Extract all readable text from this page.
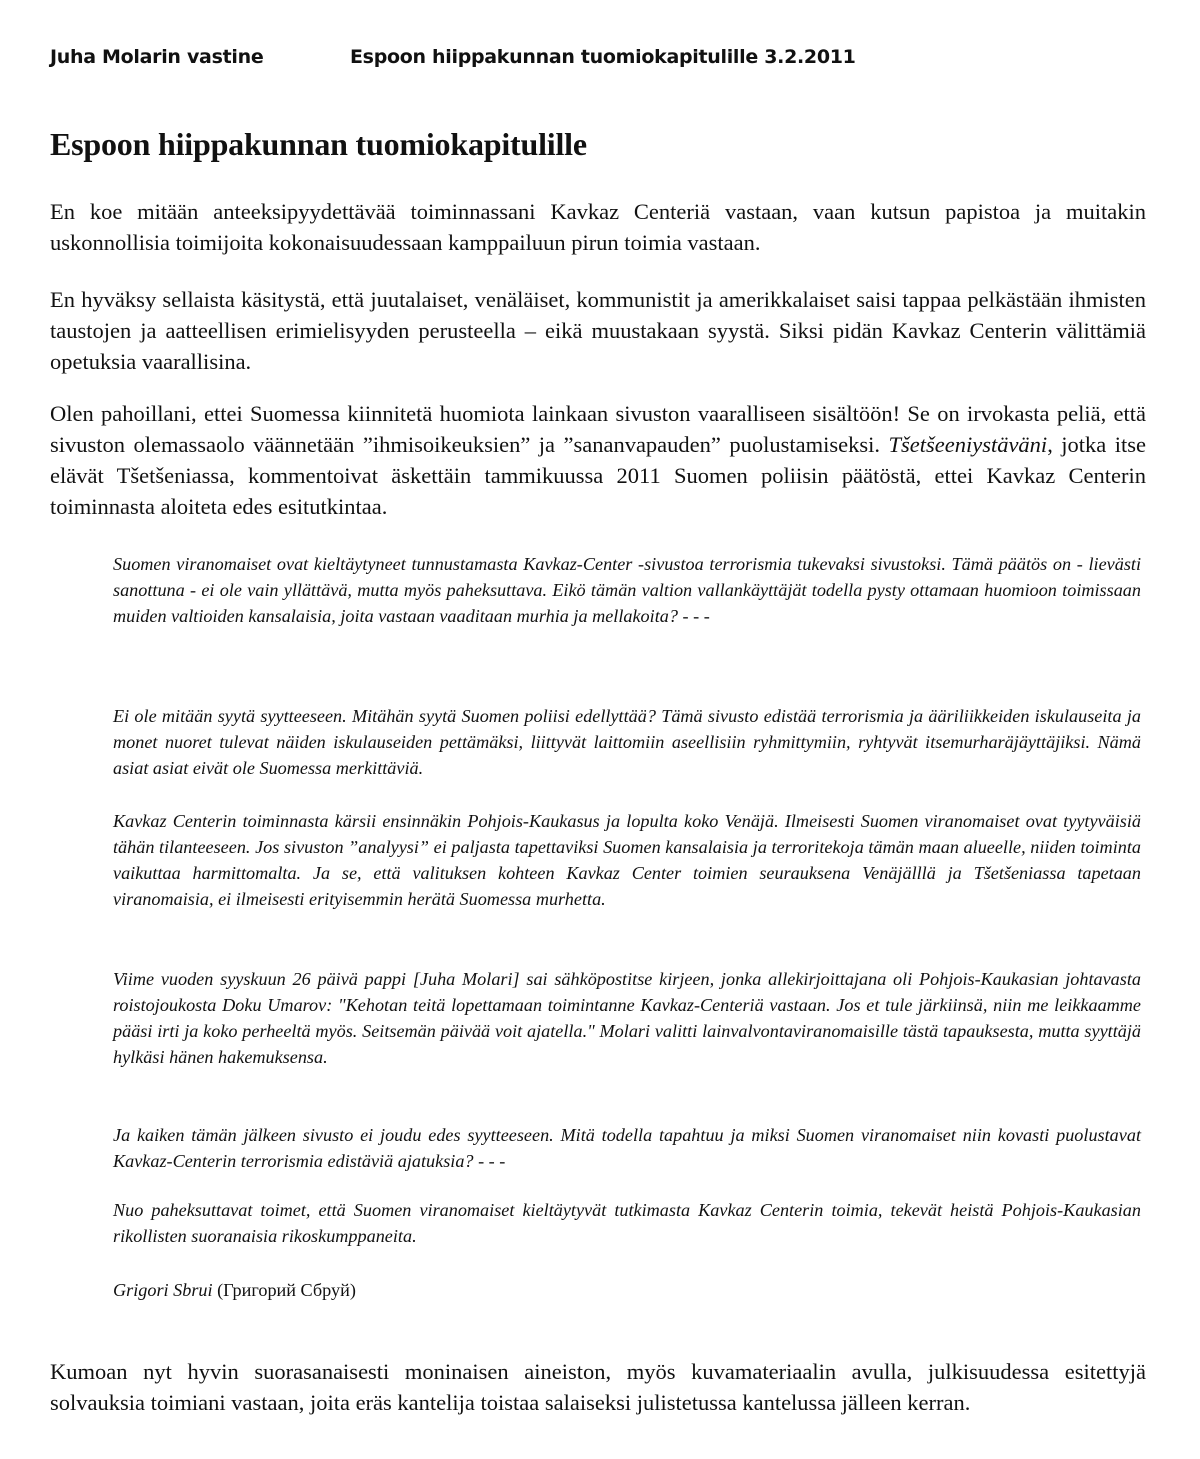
Juha Molarin vastine	Espoon hiippakunnan tuomiokapitulille 3.2.2011
Espoon hiippakunnan tuomiokapitulille

En koe mitään anteeksipyydettävää toiminnassani Kavkaz Centeriä vastaan, vaan kutsun papistoa ja muitakin uskonnollisia toimijoita kokonaisuudessaan kamppailuun pirun toimia vastaan.

En hyväksy sellaista käsitystä, että juutalaiset, venäläiset, kommunistit ja amerikkalaiset saisi tappaa pelkästään ihmisten taustojen ja aatteellisen erimielisyyden perusteella – eikä muustakaan syystä. Siksi pidän Kavkaz Centerin välittämiä opetuksia vaarallisina.

Olen pahoillani, ettei Suomessa kiinnitetä huomiota lainkaan sivuston vaaralliseen sisältöön! Se on irvokasta peliä, että sivuston olemassaolo väännetään ”ihmisoikeuksien” ja ”sananvapauden” puolustamiseksi. Tšetšeeniystäväni, jotka itse elävät Tšetšeniassa, kommentoivat äskettäin tammikuussa 2011 Suomen poliisin päätöstä, ettei Kavkaz Centerin toiminnasta aloiteta edes esitutkintaa.

Suomen viranomaiset ovat kieltäytyneet tunnustamasta Kavkaz-Center -sivustoa terrorismia tukevaksi sivustoksi. Tämä päätös on - lievästi sanottuna - ei ole vain yllättävä, mutta myös paheksuttava. Eikö tämän valtion vallankäyttäjät todella pysty ottamaan huomioon toimissaan muiden valtioiden kansalaisia, joita vastaan vaaditaan murhia ja mellakoita? - - -

Ei ole mitään syytä syytteeseen. Mitähän syytä Suomen poliisi edellyttää? Tämä sivusto edistää terrorismia ja ääriliikkeiden iskulauseita ja monet nuoret tulevat näiden iskulauseiden pettämäksi, liittyvät laittomiin aseellisiin ryhmittymiin, ryhtyvät itsemurharäjäyttäjiksi. Nämä asiat asiat eivät ole Suomessa merkittäviä.

Kavkaz Centerin toiminnasta kärsii ensinnäkin Pohjois-Kaukasus ja lopulta koko Venäjä. Ilmeisesti Suomen viranomaiset ovat tyytyväisiä tähän tilanteeseen. Jos sivuston ”analyysi” ei paljasta tapettaviksi Suomen kansalaisia ja terroritekoja tämän maan alueelle, niiden toiminta vaikuttaa harmittomalta. Ja se, että valituksen kohteen Kavkaz Center toimien seurauksena Venäjälllä ja Tšetšeniassa tapetaan viranomaisia, ei ilmeisesti erityisemmin herätä Suomessa murhetta.

Viime vuoden syyskuun 26 päivä pappi [Juha Molari] sai sähköpostitse kirjeen, jonka allekirjoittajana oli Pohjois-Kaukasian johtavasta roistojoukosta Doku Umarov: "Kehotan teitä lopettamaan toimintanne Kavkaz-Centeriä vastaan. Jos et tule järkiinsä, niin me leikkaamme pääsi irti ja koko perheeltä myös. Seitsemän päivää voit ajatella." Molari valitti lainvalvontaviranomaisille tästä tapauksesta, mutta syyttäjä hylkäsi hänen hakemuksensa.

Ja kaiken tämän jälkeen sivusto ei joudu edes syytteeseen. Mitä todella tapahtuu ja miksi Suomen viranomaiset niin kovasti puolustavat Kavkaz-Centerin terrorismia edistäviä ajatuksia? - - -

Nuo paheksuttavat toimet, että Suomen viranomaiset kieltäytyvät tutkimasta Kavkaz Centerin toimia, tekevät heistä Pohjois-Kaukasian rikollisten suoranaisia rikoskumppaneita.

Grigori Sbrui (Григорий Сбруй)

Kumoan nyt hyvin suorasanaisesti moninaisen aineiston, myös kuvamateriaalin avulla, julkisuudessa esitettyjä solvauksia toimiani vastaan, joita eräs kantelija toistaa salaiseksi julistetussa kantelussa jälleen kerran.
